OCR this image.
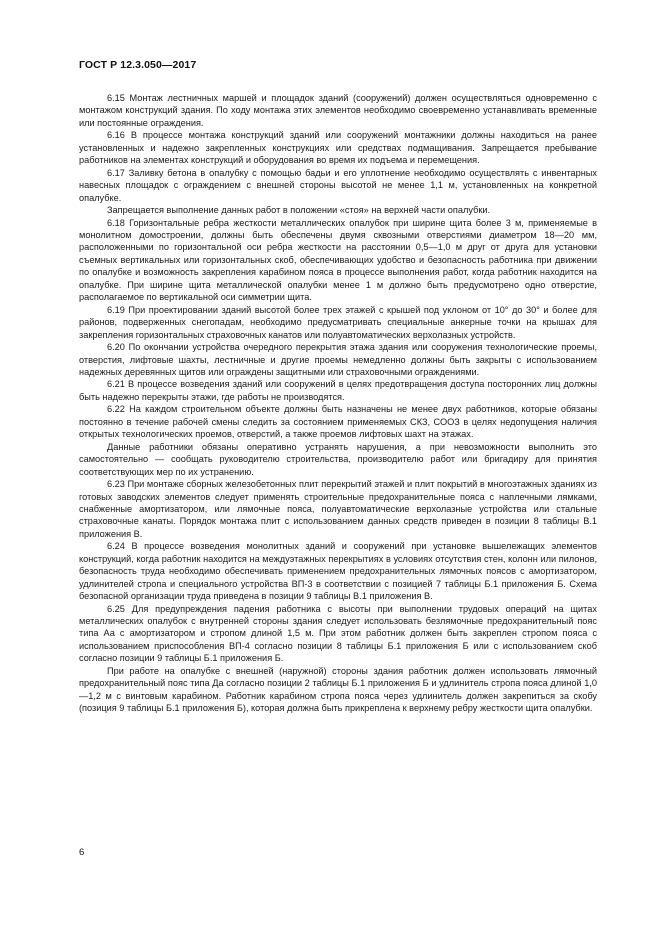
ГОСТ Р 12.3.050—2017

6.15 Монтаж лестничных маршей и площадок зданий (сооружений) должен осуществляться одновременно с монтажом конструкций здания. По ходу монтажа этих элементов необходимо своевременно устанавливать временные или постоянные ограждения.

6.16 В процессе монтажа конструкций зданий или сооружений монтажники должны находиться на ранее установленных и надежно закрепленных конструкциях или средствах подмащивания. Запрещается пребывание работников на элементах конструкций и оборудования во время их подъема и перемещения.

6.17 Заливку бетона в опалубку с помощью бадьи и его уплотнение необходимо осуществлять с инвентарных навесных площадок с ограждением с внешней стороны высотой не менее 1,1 м, установленных на конкретной опалубке.

Запрещается выполнение данных работ в положении «стоя» на верхней части опалубки.

6.18 Горизонтальные ребра жесткости металлических опалубок при ширине щита более 3 м, применяемые в монолитном домостроении, должны быть обеспечены двумя сквозными отверстиями диаметром 18—20 мм, расположенными по горизонтальной оси ребра жесткости на расстоянии 0,5—1,0 м друг от друга для установки съемных вертикальных или горизонтальных скоб, обеспечивающих удобство и безопасность работника при движении по опалубке и возможность закрепления карабином пояса в процессе выполнения работ, когда работник находится на опалубке. При ширине щита металлической опалубки менее 1 м должно быть предусмотрено одно отверстие, располагаемое по вертикальной оси симметрии щита.

6.19 При проектировании зданий высотой более трех этажей с крышей под уклоном от 10° до 30° и более для районов, подверженных снегопадам, необходимо предусматривать специальные анкерные точки на крышах для закрепления горизонтальных страховочных канатов или полуавтоматических верхолазных устройств.

6.20 По окончании устройства очередного перекрытия этажа здания или сооружения технологические проемы, отверстия, лифтовые шахты, лестничные и другие проемы немедленно должны быть закрыты с использованием надежных деревянных щитов или ограждены защитными или страховочными ограждениями.

6.21 В процессе возведения зданий или сооружений в целях предотвращения доступа посторонних лиц должны быть надежно перекрыты этажи, где работы не производятся.

6.22 На каждом строительном объекте должны быть назначены не менее двух работников, которые обязаны постоянно в течение рабочей смены следить за состоянием применяемых СКЗ, СООЗ в целях недопущения наличия открытых технологических проемов, отверстий, а также проемов лифтовых шахт на этажах.

Данные работники обязаны оперативно устранять нарушения, а при невозможности выполнить это самостоятельно — сообщать руководителю строительства, производителю работ или бригадиру для принятия соответствующих мер по их устранению.

6.23 При монтаже сборных железобетонных плит перекрытий этажей и плит покрытий в многоэтажных зданиях из готовых заводских элементов следует применять строительные предохранительные пояса с наплечными лямками, снабженные амортизатором, или лямочные пояса, полуавтоматические верхолазные устройства или стальные страховочные канаты. Порядок монтажа плит с использованием данных средств приведен в позиции 8 таблицы В.1 приложения В.

6.24 В процессе возведения монолитных зданий и сооружений при установке вышележащих элементов конструкций, когда работник находится на междуэтажных перекрытиях в условиях отсутствия стен, колонн или пилонов, безопасность труда необходимо обеспечивать применением предохранительных лямочных поясов с амортизатором, удлинителей стропа и специального устройства ВП-3 в соответствии с позицией 7 таблицы Б.1 приложения Б. Схема безопасной организации труда приведена в позиции 9 таблицы В.1 приложения В.

6.25 Для предупреждения падения работника с высоты при выполнении трудовых операций на щитах металлических опалубок с внутренней стороны здания следует использовать безлямочные предохранительный пояс типа Аа с амортизатором и стропом длиной 1,5 м. При этом работник должен быть закреплен стропом пояса с использованием приспособления ВП-4 согласно позиции 8 таблицы Б.1 приложения Б или с использованием скоб согласно позиции 9 таблицы Б.1 приложения Б.

При работе на опалубке с внешней (наружной) стороны здания работник должен использовать лямочный предохранительный пояс типа Да согласно позиции 2 таблицы Б.1 приложения Б и удлинитель стропа пояса длиной 1,0—1,2 м с винтовым карабином. Работник карабином стропа пояса через удлинитель должен закрепиться за скобу (позиция 9 таблицы Б.1 приложения Б), которая должна быть прикреплена к верхнему ребру жесткости щита опалубки.

6
